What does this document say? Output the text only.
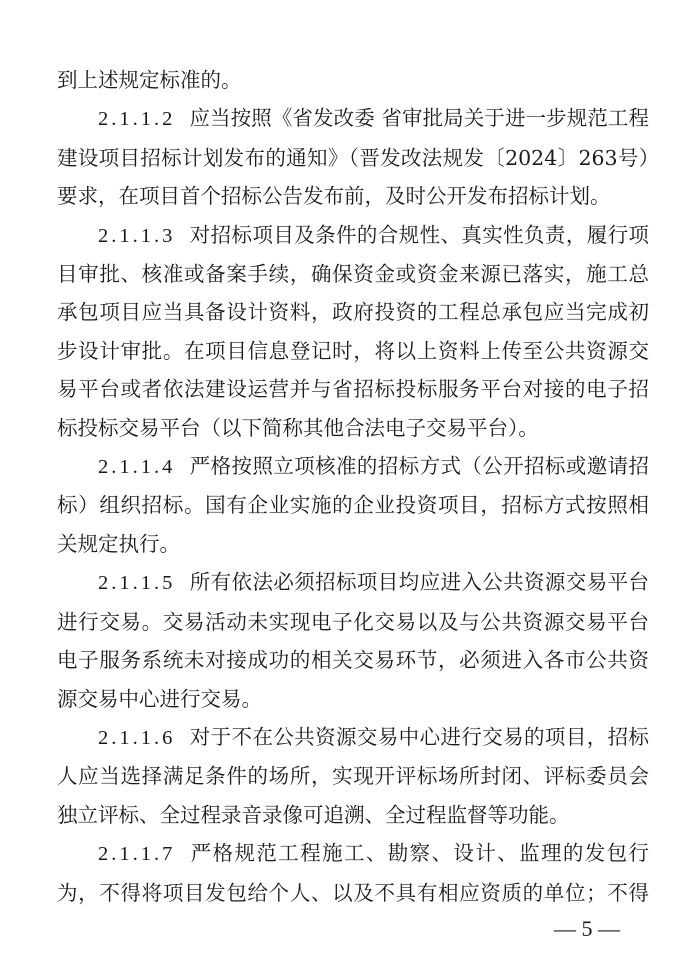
到上述规定标准的。

2.1.1.2 应当按照《省发改委 省审批局关于进一步规范工程建设项目招标计划发布的通知》（晋发改法规发〔2024〕263号）要求，在项目首个招标公告发布前，及时公开发布招标计划。

2.1.1.3 对招标项目及条件的合规性、真实性负责，履行项目审批、核准或备案手续，确保资金或资金来源已落实，施工总承包项目应当具备设计资料，政府投资的工程总承包应当完成初步设计审批。在项目信息登记时，将以上资料上传至公共资源交易平台或者依法建设运营并与省招标投标服务平台对接的电子招标投标交易平台（以下简称其他合法电子交易平台）。

2.1.1.4 严格按照立项核准的招标方式（公开招标或邀请招标）组织招标。国有企业实施的企业投资项目，招标方式按照相关规定执行。

2.1.1.5 所有依法必须招标项目均应进入公共资源交易平台进行交易。交易活动未实现电子化交易以及与公共资源交易平台电子服务系统未对接成功的相关交易环节，必须进入各市公共资源交易中心进行交易。

2.1.1.6 对于不在公共资源交易中心进行交易的项目，招标人应当选择满足条件的场所，实现开评标场所封闭、评标委员会独立评标、全过程录音录像可追溯、全过程监督等功能。

2.1.1.7 严格规范工程施工、勘察、设计、监理的发包行为，不得将项目发包给个人、以及不具有相应资质的单位；不得

— 5 —
